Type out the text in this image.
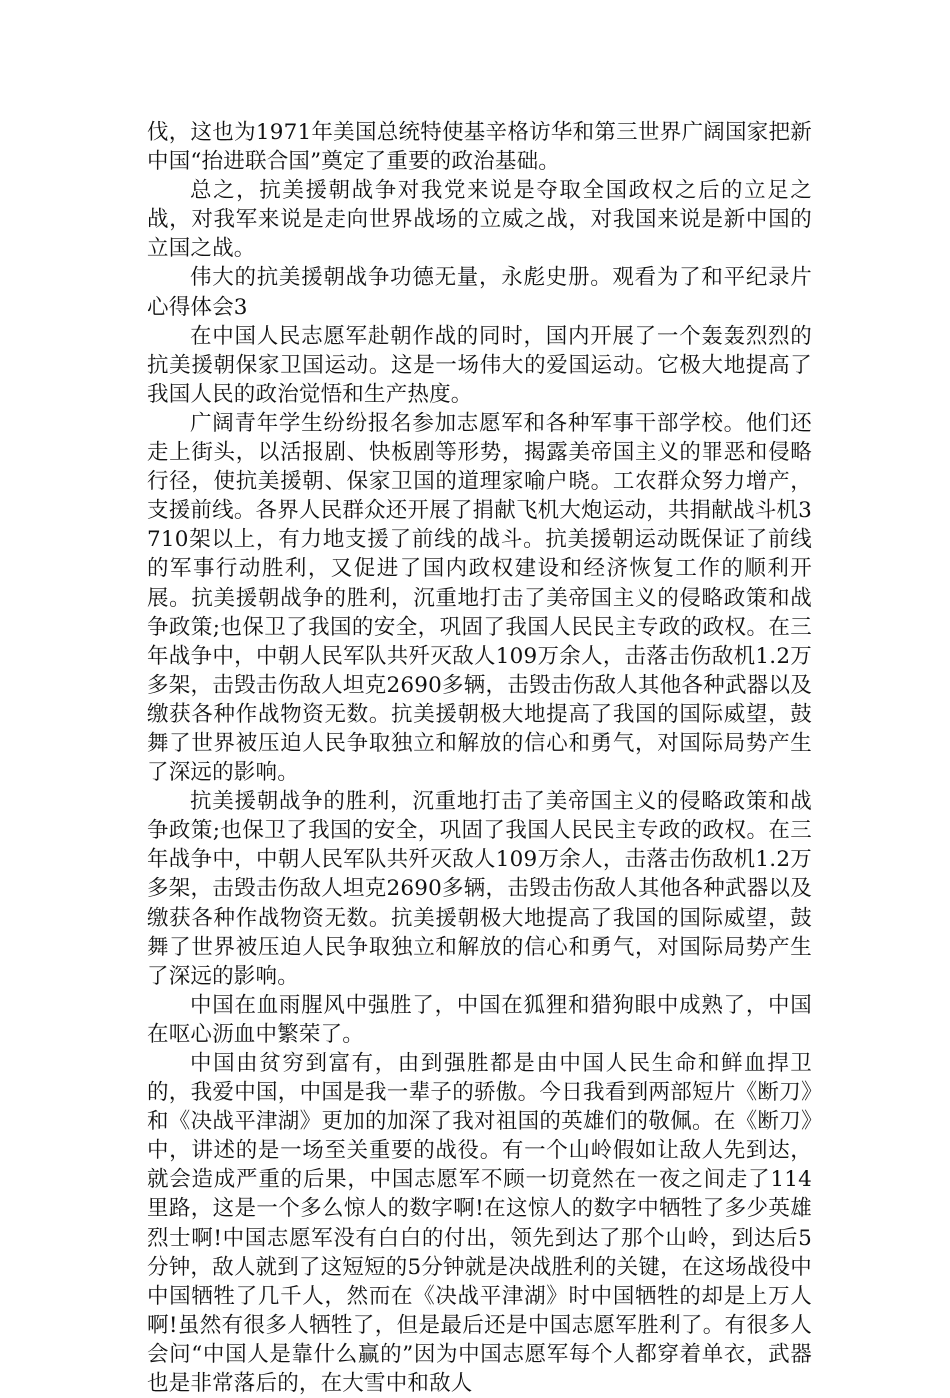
伐，这也为1971年美国总统特使基辛格访华和第三世界广阔国家把新中国“抬进联合国”奠定了重要的政治基础。

总之，抗美援朝战争对我党来说是夺取全国政权之后的立足之战，对我军来说是走向世界战场的立威之战，对我国来说是新中国的立国之战。

伟大的抗美援朝战争功德无量，永彪史册。观看为了和平纪录片心得体会3

在中国人民志愿军赴朝作战的同时，国内开展了一个轰轰烈烈的抗美援朝保家卫国运动。这是一场伟大的爱国运动。它极大地提高了我国人民的政治觉悟和生产热度。

广阔青年学生纷纷报名参加志愿军和各种军事干部学校。他们还走上街头，以活报剧、快板剧等形势，揭露美帝国主义的罪恶和侵略行径，使抗美援朝、保家卫国的道理家喻户晓。工农群众努力增产，支援前线。各界人民群众还开展了捐献飞机大炮运动，共捐献战斗机3710架以上，有力地支援了前线的战斗。抗美援朝运动既保证了前线的军事行动胜利，又促进了国内政权建设和经济恢复工作的顺利开展。抗美援朝战争的胜利，沉重地打击了美帝国主义的侵略政策和战争政策;也保卫了我国的安全，巩固了我国人民民主专政的政权。在三年战争中，中朝人民军队共歼灭敌人109万余人，击落击伤敌机1.2万多架，击毁击伤敌人坦克2690多辆，击毁击伤敌人其他各种武器以及缴获各种作战物资无数。抗美援朝极大地提高了我国的国际威望，鼓舞了世界被压迫人民争取独立和解放的信心和勇气，对国际局势产生了深远的影响。

抗美援朝战争的胜利，沉重地打击了美帝国主义的侵略政策和战争政策;也保卫了我国的安全，巩固了我国人民民主专政的政权。在三年战争中，中朝人民军队共歼灭敌人109万余人，击落击伤敌机1.2万多架，击毁击伤敌人坦克2690多辆，击毁击伤敌人其他各种武器以及缴获各种作战物资无数。抗美援朝极大地提高了我国的国际威望，鼓舞了世界被压迫人民争取独立和解放的信心和勇气，对国际局势产生了深远的影响。

中国在血雨腥风中强胜了，中国在狐狸和猎狗眼中成熟了，中国在呕心沥血中繁荣了。

中国由贫穷到富有，由到强胜都是由中国人民生命和鲜血捍卫的，我爱中国，中国是我一辈子的骄傲。今日我看到两部短片《断刀》和《决战平津湖》更加的加深了我对祖国的英雄们的敬佩。在《断刀》中，讲述的是一场至关重要的战役。有一个山岭假如让敌人先到达，就会造成严重的后果，中国志愿军不顾一切竟然在一夜之间走了114里路，这是一个多么惊人的数字啊!在这惊人的数字中牺牲了多少英雄烈士啊!中国志愿军没有白白的付出，领先到达了那个山岭，到达后5分钟，敌人就到了这短短的5分钟就是决战胜利的关键，在这场战役中中国牺牲了几千人，然而在《决战平津湖》时中国牺牲的却是上万人啊!虽然有很多人牺牲了，但是最后还是中国志愿军胜利了。有很多人会问“中国人是靠什么赢的”因为中国志愿军每个人都穿着单衣，武器也是非常落后的，在大雪中和敌人
